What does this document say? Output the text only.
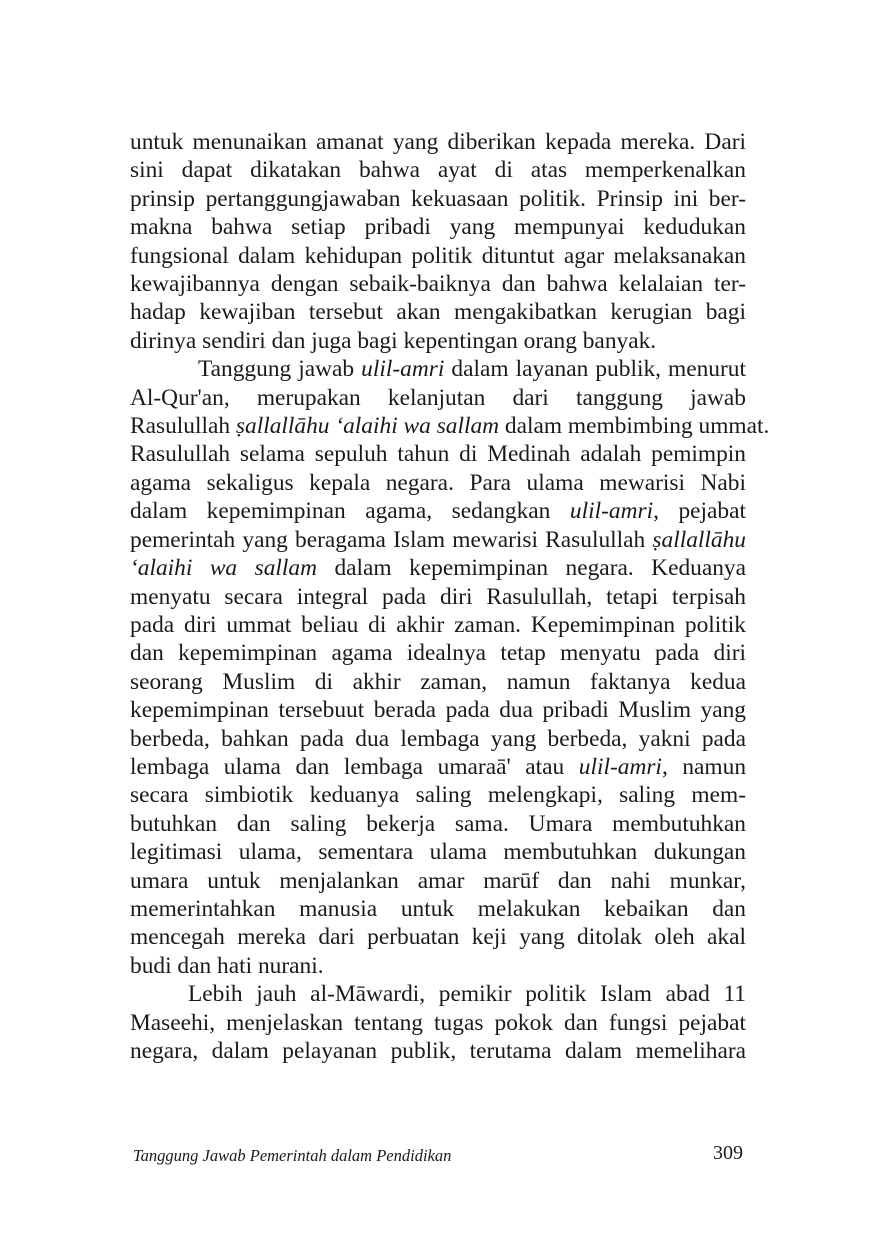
untuk menunaikan amanat yang diberikan kepada mereka. Dari

sini dapat dikatakan bahwa ayat di atas memperkenalkan

prinsip pertanggungjawaban kekuasaan politik. Prinsip ini ber-

makna bahwa setiap pribadi yang mempunyai kedudukan

fungsional dalam kehidupan politik dituntut agar melaksanakan

kewajibannya dengan sebaik-baiknya dan bahwa kelalaian ter-

hadap kewajiban tersebut akan mengakibatkan kerugian bagi

dirinya sendiri dan juga bagi kepentingan orang banyak.

Tanggung jawab ulil-amri dalam layanan publik, menurut

Al-Qur'an, merupakan kelanjutan dari tanggung jawab

Rasulullah ṣallallāhu ‘alaihi wa sallam dalam membimbing ummat.

Rasulullah selama sepuluh tahun di Medinah adalah pemimpin

agama sekaligus kepala negara. Para ulama mewarisi Nabi

dalam kepemimpinan agama, sedangkan ulil-amri, pejabat

pemerintah yang beragama Islam mewarisi Rasulullah ṣallallāhu

‘alaihi wa sallam dalam kepemimpinan negara. Keduanya

menyatu secara integral pada diri Rasulullah, tetapi terpisah

pada diri ummat beliau di akhir zaman. Kepemimpinan politik

dan kepemimpinan agama idealnya tetap menyatu pada diri

seorang Muslim di akhir zaman, namun faktanya kedua

kepemimpinan tersebuut berada pada dua pribadi Muslim yang

berbeda, bahkan pada dua lembaga yang berbeda, yakni pada

lembaga ulama dan lembaga umaraā' atau ulil-amri, namun

secara simbiotik keduanya saling melengkapi, saling mem-

butuhkan dan saling bekerja sama. Umara membutuhkan

legitimasi ulama, sementara ulama membutuhkan dukungan

umara untuk menjalankan amar marūf dan nahi munkar,

memerintahkan manusia untuk melakukan kebaikan dan

mencegah mereka dari perbuatan keji yang ditolak oleh akal

budi dan hati nurani.

Lebih jauh al-Māwardi, pemikir politik Islam abad 11

Maseehi, menjelaskan tentang tugas pokok dan fungsi pejabat

negara, dalam pelayanan publik, terutama dalam memelihara

Tanggung Jawab Pemerintah dalam Pendidikan	309
